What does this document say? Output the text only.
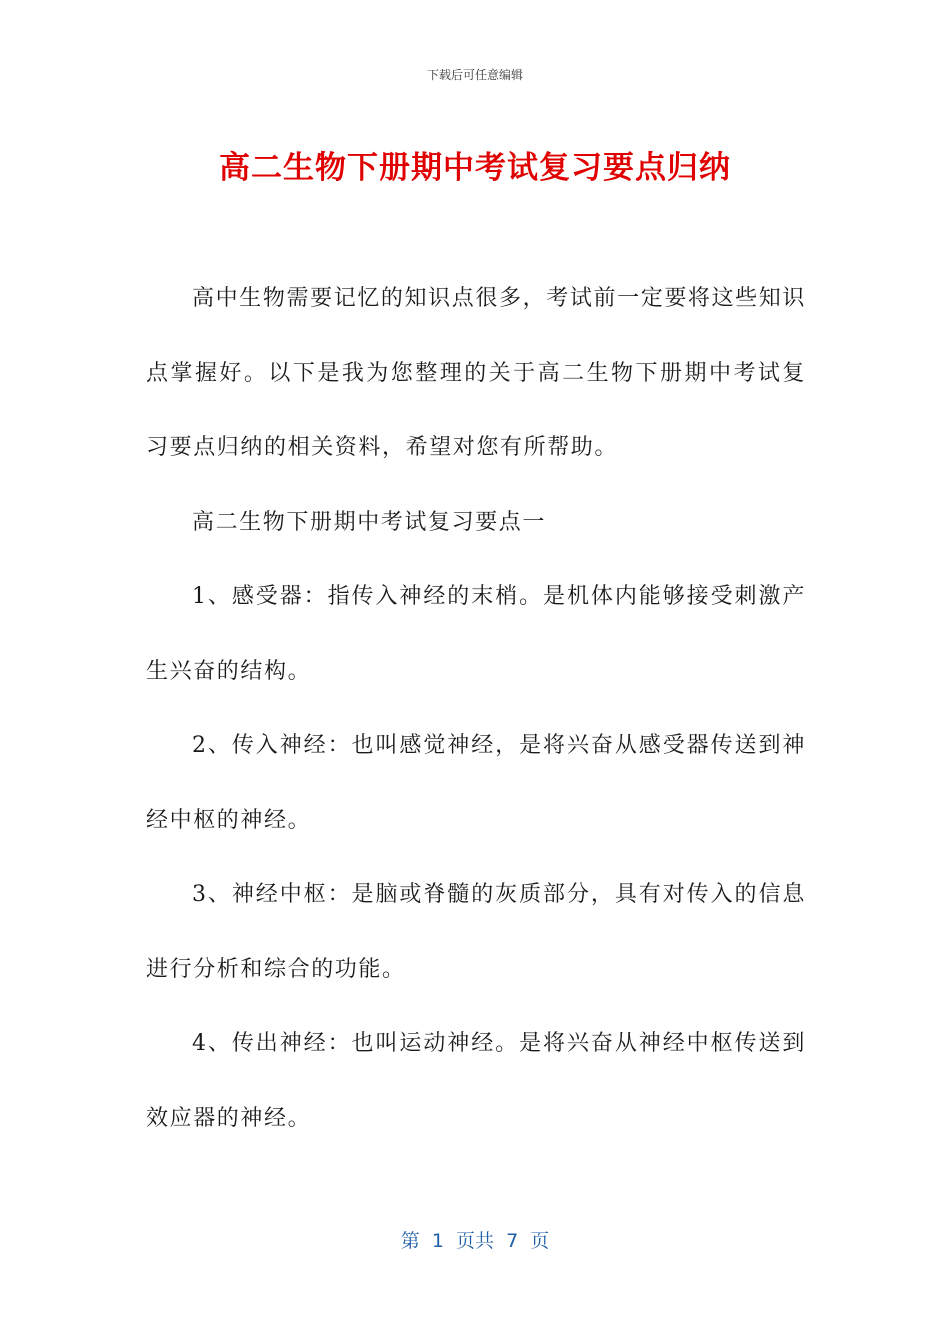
下载后可任意编辑
高二生物下册期中考试复习要点归纳

高中生物需要记忆的知识点很多，考试前一定要将这些知识点掌握好。以下是我为您整理的关于高二生物下册期中考试复习要点归纳的相关资料，希望对您有所帮助。

高二生物下册期中考试复习要点一

1、感受器：指传入神经的末梢。是机体内能够接受刺激产生兴奋的结构。

2、传入神经：也叫感觉神经，是将兴奋从感受器传送到神经中枢的神经。

3、神经中枢：是脑或脊髓的灰质部分，具有对传入的信息进行分析和综合的功能。

4、传出神经：也叫运动神经。是将兴奋从神经中枢传送到效应器的神经。

第  1  页共  7  页
